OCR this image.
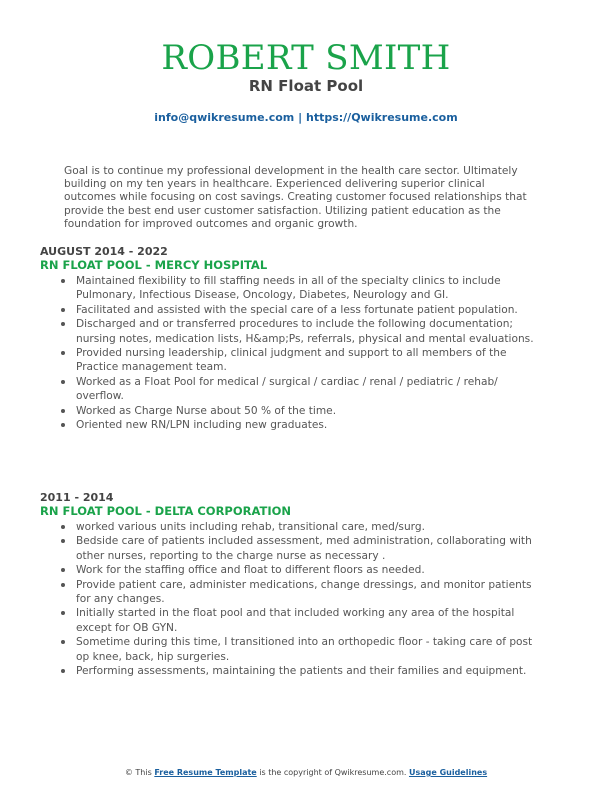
ROBERT SMITH
RN Float Pool
info@qwikresume.com | https://Qwikresume.com

Goal is to continue my professional development in the health care sector. Ultimately building on my ten years in healthcare. Experienced delivering superior clinical outcomes while focusing on cost savings. Creating customer focused relationships that provide the best end user customer satisfaction. Utilizing patient education as the foundation for improved outcomes and organic growth.

AUGUST 2014 - 2022
RN FLOAT POOL - MERCY HOSPITAL
Maintained flexibility to fill staffing needs in all of the specialty clinics to include Pulmonary, Infectious Disease, Oncology, Diabetes, Neurology and GI.
Facilitated and assisted with the special care of a less fortunate patient population.
Discharged and or transferred procedures to include the following documentation; nursing notes, medication lists, H&amp;Ps, referrals, physical and mental evaluations.
Provided nursing leadership, clinical judgment and support to all members of the Practice management team.
Worked as a Float Pool for medical / surgical / cardiac / renal / pediatric / rehab/ overflow.
Worked as Charge Nurse about 50 % of the time.
Oriented new RN/LPN including new graduates.
2011 - 2014
RN FLOAT POOL - DELTA CORPORATION
worked various units including rehab, transitional care, med/surg.
Bedside care of patients included assessment, med administration, collaborating with other nurses, reporting to the charge nurse as necessary .
Work for the staffing office and float to different floors as needed.
Provide patient care, administer medications, change dressings, and monitor patients for any changes.
Initially started in the float pool and that included working any area of the hospital except for OB GYN.
Sometime during this time, I transitioned into an orthopedic floor - taking care of post op knee, back, hip surgeries.
Performing assessments, maintaining the patients and their families and equipment.
© This Free Resume Template is the copyright of Qwikresume.com. Usage Guidelines
